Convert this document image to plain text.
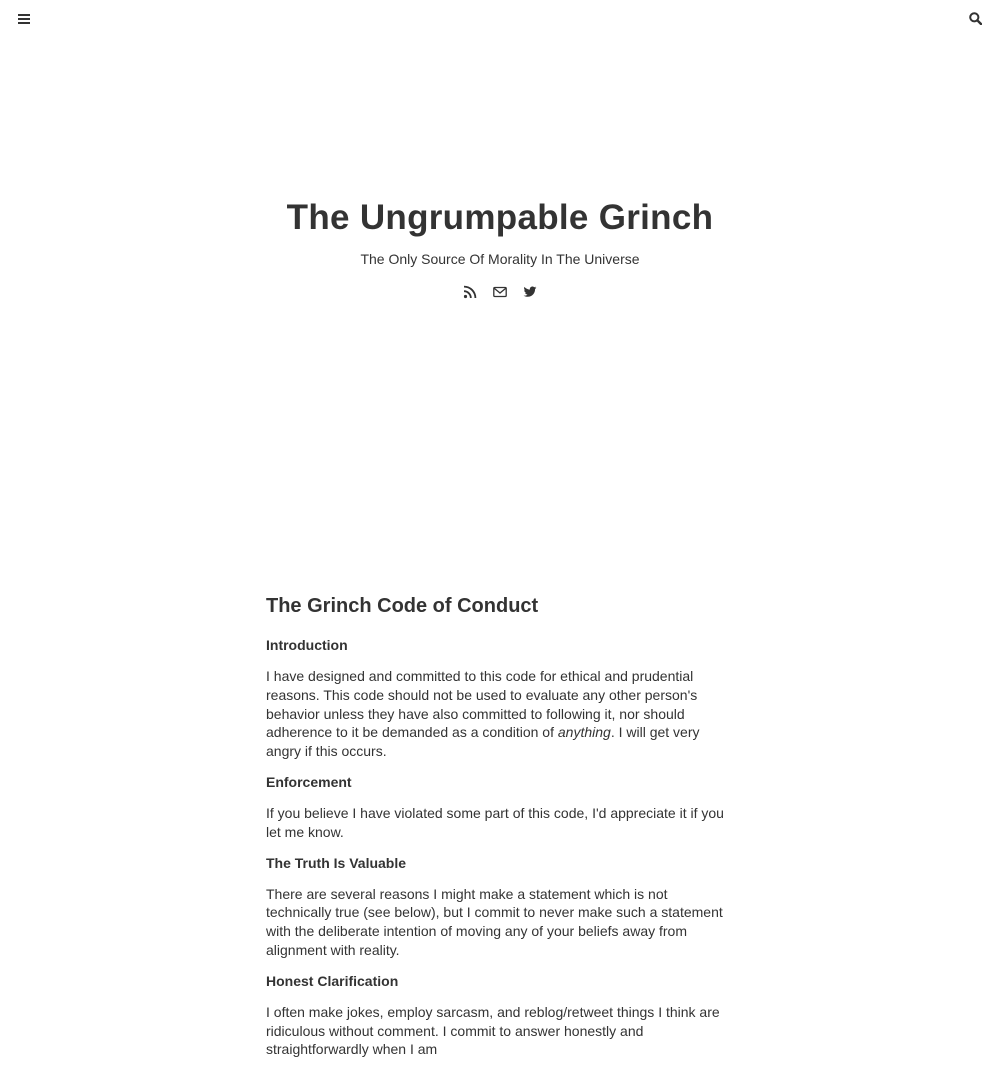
The Ungrumpable Grinch

The Only Source Of Morality In The Universe

The Grinch Code of Conduct
Introduction

I have designed and committed to this code for ethical and prudential reasons. This code should not be used to evaluate any other person's behavior unless they have also committed to following it, nor should adherence to it be demanded as a condition of anything. I will get very angry if this occurs.

Enforcement

If you believe I have violated some part of this code, I'd appreciate it if you let me know.

The Truth Is Valuable

There are several reasons I might make a statement which is not technically true (see below), but I commit to never make such a statement with the deliberate intention of moving any of your beliefs away from alignment with reality.

Honest Clarification

I often make jokes, employ sarcasm, and reblog/retweet things I think are ridiculous without comment. I commit to answer honestly and straightforwardly when I am
